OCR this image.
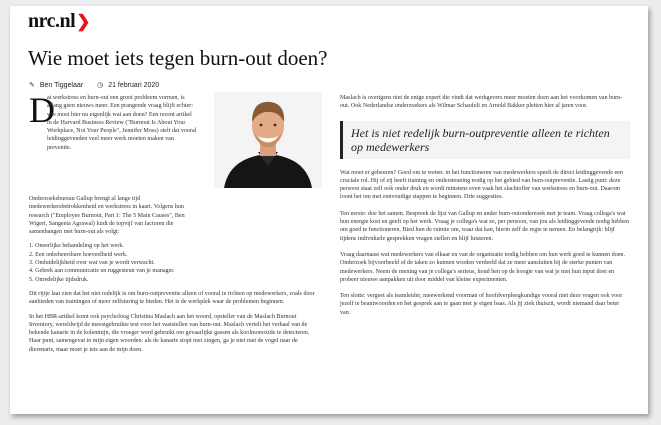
nrc.nl❯
Wie moet iets tegen burn-out doen?
✎ Ben Tiggelaar ◷ 21 februari 2020
D

at werkstress en burn-out een groot probleem vormen, is allang geen nieuws meer. Een prangende vraag blijft echter: wie moet hier nu eigenlijk wat aan doen? Een recent artikel in de Harvard Business Review ("Burnout Is About Your Workplace, Not Your People", Jennifer Moss) stelt dat vooral leidinggevenden veel meer werk moeten maken van preventie.

Onderzoeksbureau Gallup brengt al lange tijd medewerkersbetrokkenheid en werkstress in kaart. Volgens hun research ("Employee Burnout, Part 1: The 5 Main Causes", Ben Wigert, Sangeeta Agrawal) luidt de topvijf van factoren die samenhangen met burn-out als volgt:

1. Oneerlijke behandeling op het werk.
2. Een onbeheersbare hoeveelheid werk.
3. Onduidelijkheid over wat van je wordt verwacht.
4. Gebrek aan communicatie en ruggesteun van je manager.
5. Onredelijke tijdsdruk.

Dit rijtje laat zien dat het niet redelijk is om burn-outpreventie alleen of vooral te richten op medewerkers, zoals door aanbieden van trainingen of meer zelfsturing te bieden. Het is de werkplek waar de problemen beginnen.

In het HBR-artikel komt ook psycholoog Christina Maslach aan het woord, opsteller van de Maslach Burnout Inventory, wereldwijd de meestgebruikte test voor het vaststellen van burn-out. Maslach vertelt het verhaal van de bekende kanarie in de kolenmijn, die vroeger werd gebruikt om gevaarlijke gassen als koolmonoxide te detecteren. Haar punt, samengevat in mijn eigen woorden: als de kanarie stopt met zingen, ga je niet met de vogel naar de dierenarts, maar moet je iets aan de mijn doen.

Maslach is overigens niet de enige expert die vindt dat werkgevers meer moeten doen aan het voorkomen van burn-out. Ook Nederlandse onderzoekers als Wilmar Schaufeli en Arnold Bakker pleiten hier al jaren voor.

Het is niet redelijk burn-outpreventie alleen te richten op medewerkers

Wat moet er gebeuren? Goed om te weten: in het functioneren van medewerkers speelt de direct leidinggevende een cruciale rol. Hij of zij heeft training en ondersteuning nodig op het gebied van burn-outpreventie. Lastig punt: deze persoon staat zelf ook onder druk en wordt minstens even vaak het slachtoffer van werkstress en burn-out. Daarom loont het om met eenvoudige stappen te beginnen. Drie suggesties.

Ten eerste: doe het samen. Bespreek de lijst van Gallup en ander burn-outonderzoek met je team. Vraag collega's wat hun energie kost en geeft op het werk. Vraag je collega's wat ze, per persoon, van jou als leidinggevende nodig hebben om goed te functioneren. Bied hun de ruimte om, waar dat kan, hierin zelf de regie te nemen. En belangrijk: blijf tijdens individuele gesprekken vragen stellen en blijf luisteren.

Vraag daarnaast wat medewerkers van elkaar en van de organisatie nodig hebben om hun werk goed te kunnen doen. Onderzoek bijvoorbeeld of de taken zo kunnen worden verdeeld dat ze meer aansluiten bij de sterke punten van medewerkers. Neem de mening van je collega's serieus, houd hen op de hoogte van wat je met hun input doet en probeer nieuwe aanpakken uit door middel van kleine experimenten.

Ten slotte: vergeet als teamleider, meewerkend voorman of hoofdverpleegkundige vooral niet deze vragen ook voor jezelf te beantwoorden en het gesprek aan te gaan met je eigen baas. Als jij ziek thuiszit, wordt niemand daar beter van.
